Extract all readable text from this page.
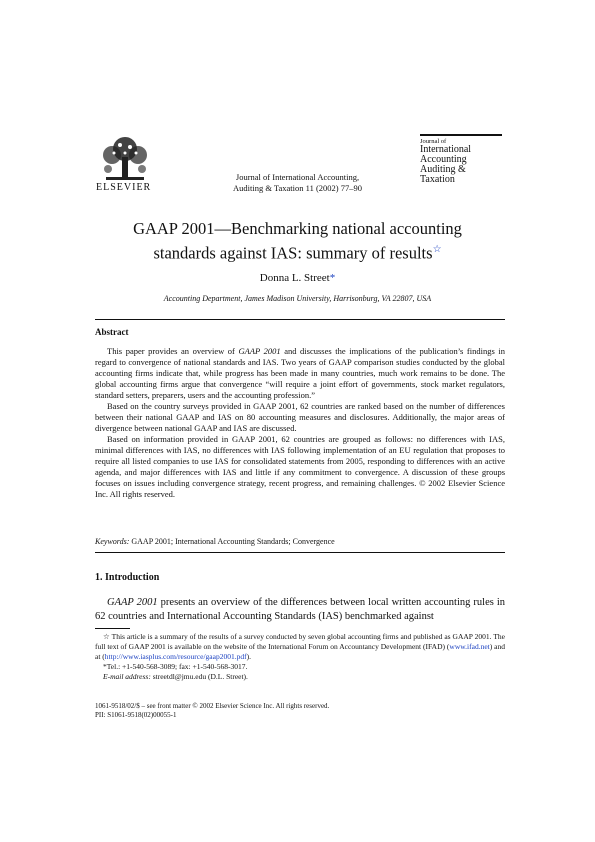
ELSEVIER
Journal of International Accounting,
Auditing & Taxation 11 (2002) 77–90
Journal of
International
Accounting
Auditing &
Taxation
GAAP 2001—Benchmarking national accounting
standards against IAS: summary of results☆
Donna L. Street*
Accounting Department, James Madison University, Harrisonburg, VA 22807, USA
Abstract

This paper provides an overview of GAAP 2001 and discusses the implications of the publication’s findings in regard to convergence of national standards and IAS. Two years of GAAP comparison studies conducted by the global accounting firms indicate that, while progress has been made in many countries, much work remains to be done. The global accounting firms argue that convergence “will require a joint effort of governments, stock market regulators, standard setters, preparers, users and the accounting profession.”

Based on the country surveys provided in GAAP 2001, 62 countries are ranked based on the number of differences between their national GAAP and IAS on 80 accounting measures and disclosures. Additionally, the major areas of divergence between national GAAP and IAS are discussed.

Based on information provided in GAAP 2001, 62 countries are grouped as follows: no differences with IAS, minimal differences with IAS, no differences with IAS following implementation of an EU regulation that proposes to require all listed companies to use IAS for consolidated statements from 2005, responding to differences with an active agenda, and major differences with IAS and little if any commitment to convergence. A discussion of these groups focuses on issues including convergence strategy, recent progress, and remaining challenges. © 2002 Elsevier Science Inc. All rights reserved.

Keywords: GAAP 2001; International Accounting Standards; Convergence
1. Introduction
GAAP 2001 presents an overview of the differences between local written accounting rules in 62 countries and International Accounting Standards (IAS) benchmarked against

☆ This article is a summary of the results of a survey conducted by seven global accounting firms and published as GAAP 2001. The full text of GAAP 2001 is available on the website of the International Forum on Accountancy Development (IFAD) (www.ifad.net) and at (http://www.iasplus.com/resource/gaap2001.pdf).

*Tel.: +1-540-568-3089; fax: +1-540-568-3017.

E-mail address: streetdl@jmu.edu (D.L. Street).

1061-9518/02/$ – see front matter © 2002 Elsevier Science Inc. All rights reserved.
PII: S1061-9518(02)00055-1
